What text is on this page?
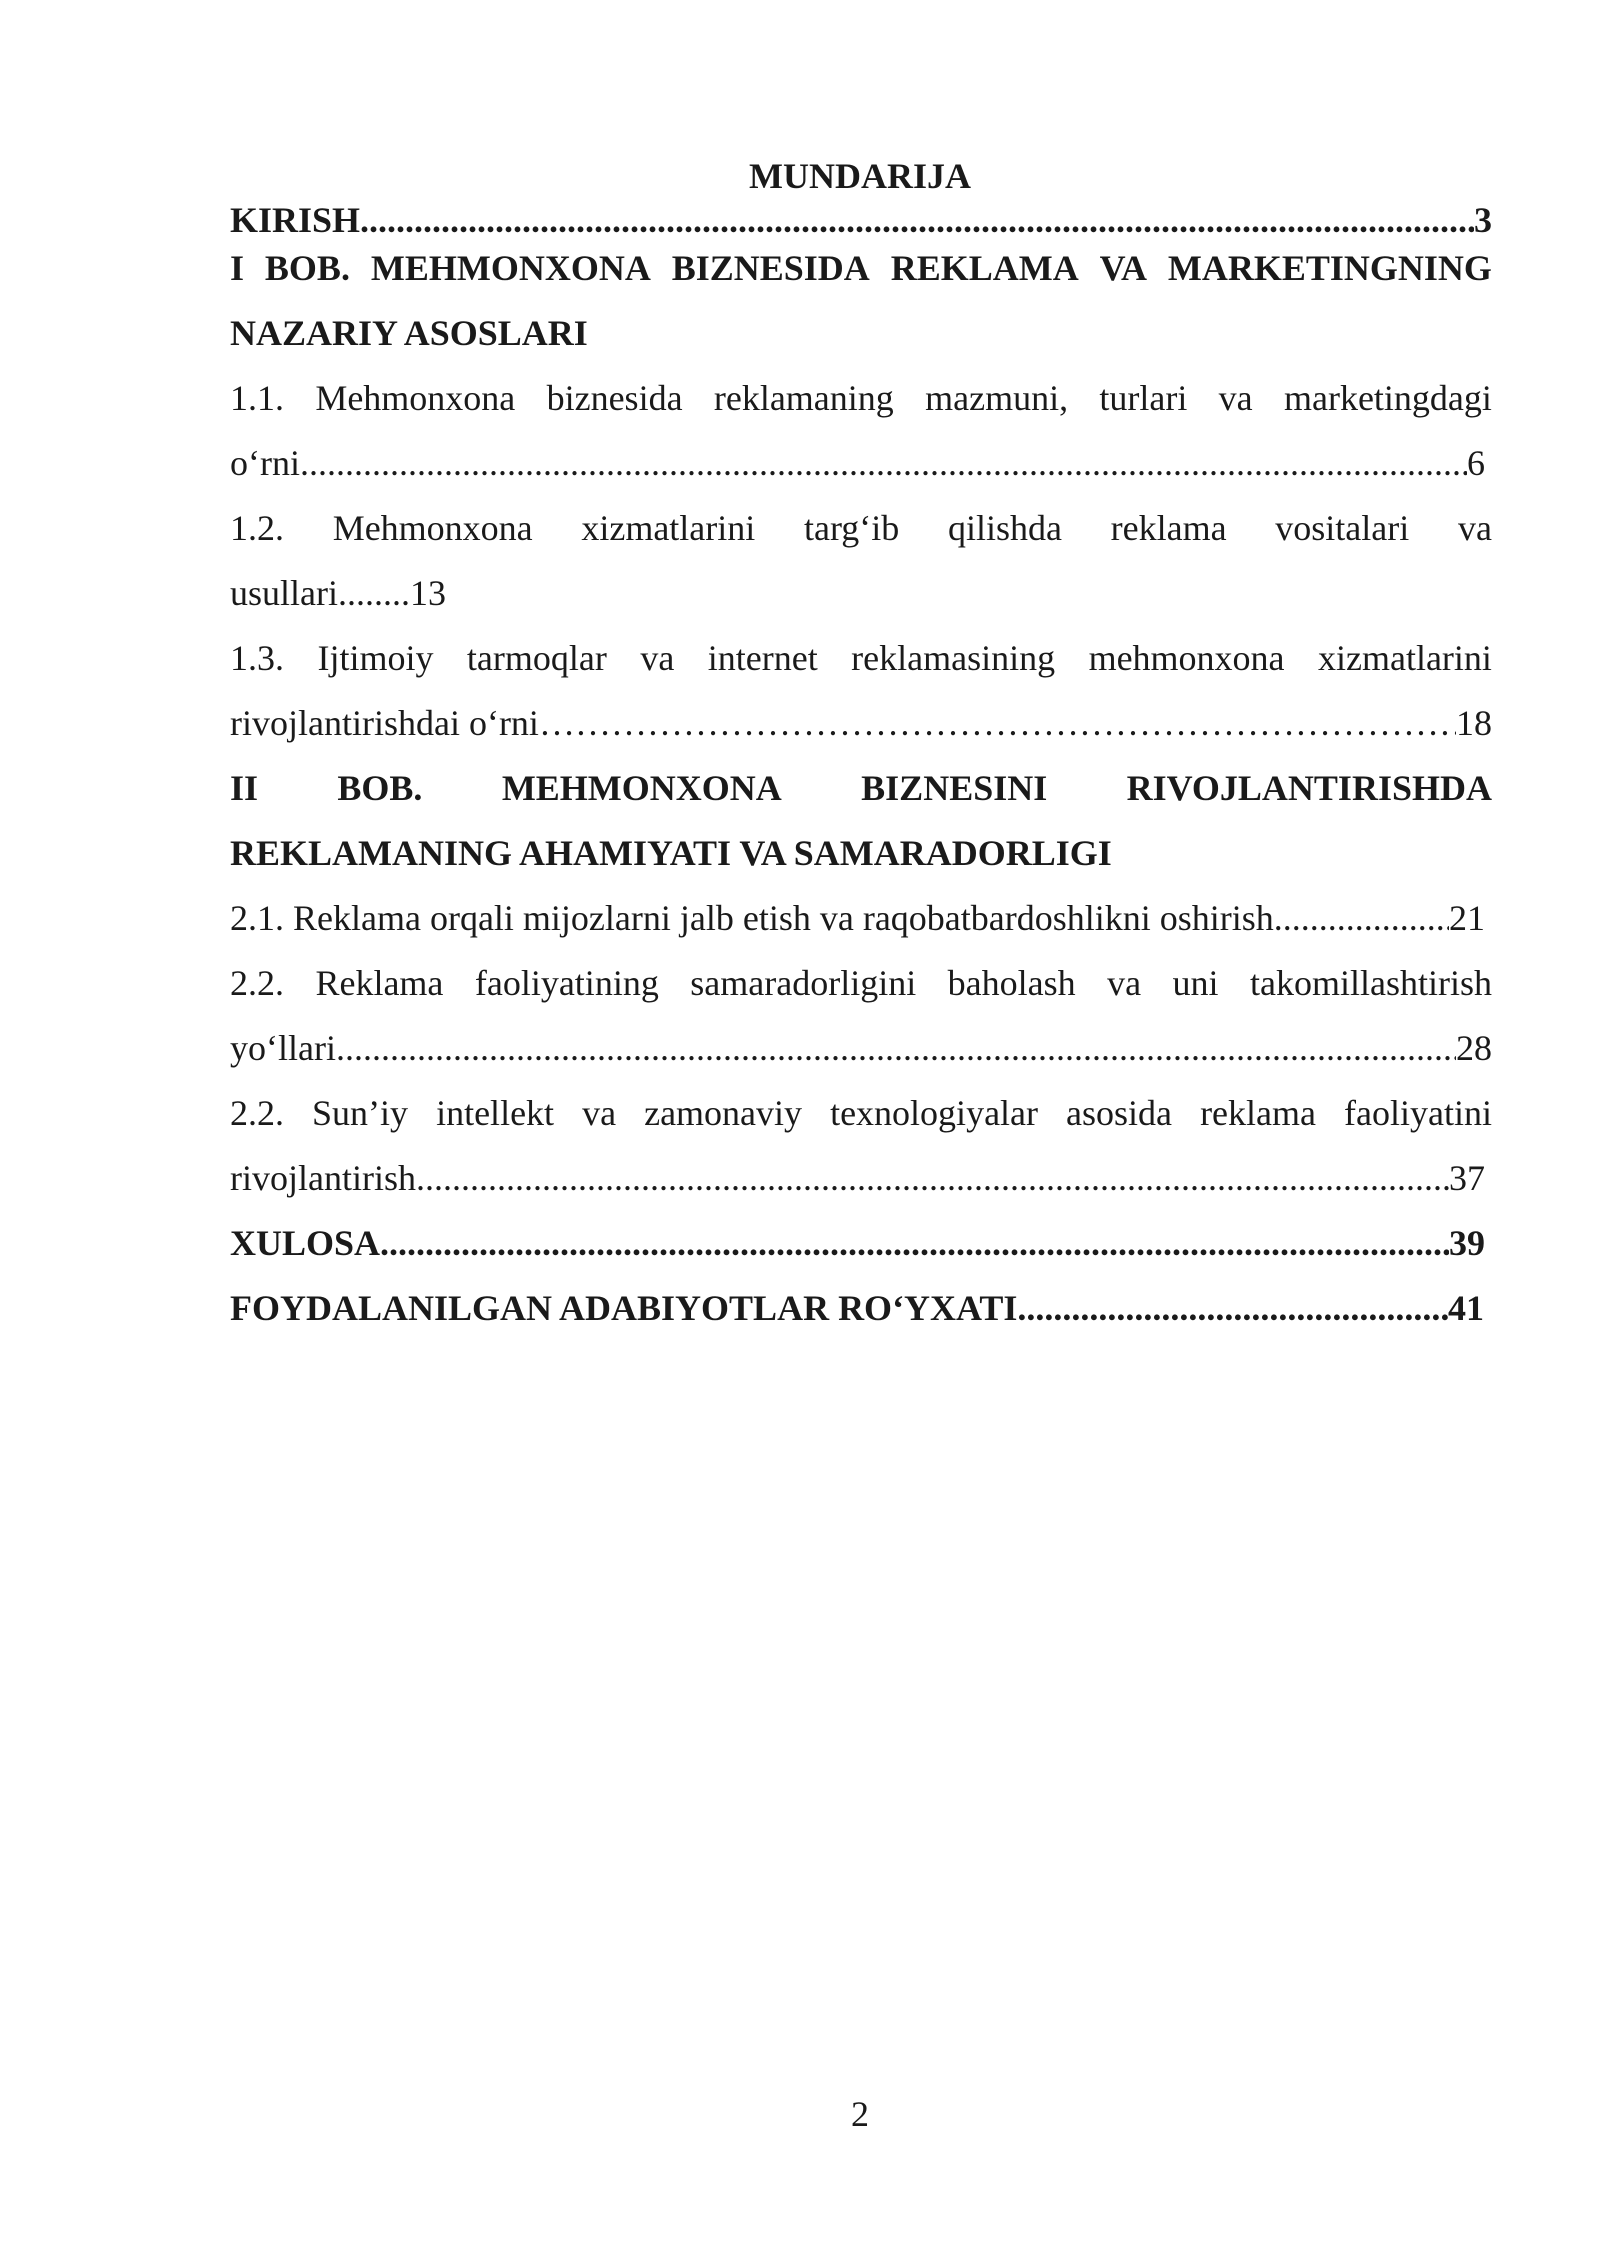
MUNDARIJA
KIRISH .....	3
I BOB. MEHMONXONA BIZNESIDA REKLAMA VA MARKETINGNING
NAZARIY ASOSLARI
1.1. Mehmonxona biznesida reklamaning mazmuni, turlari va marketingdagi
o‘rni .....	6
1.2. Mehmonxona xizmatlarini targ‘ib qilishda reklama vositalari va
usullari........13
1.3. Ijtimoiy tarmoqlar va internet reklamasining mehmonxona xizmatlarini
rivojlantirishdai o‘rni ………………………………………………………………………………………………………………………………………………………………	18
II BOB. MEHMONXONA BIZNESINI RIVOJLANTIRISHDA
REKLAMANING AHAMIYATI VA SAMARADORLIGI
2.1. Reklama orqali mijozlarni jalb etish va raqobatbardoshlikni oshirish .....	21
2.2. Reklama faoliyatining samaradorligini baholash va uni takomillashtirish
yo‘llari .....	28
2.2. Sun’iy intellekt va zamonaviy texnologiyalar asosida reklama faoliyatini
rivojlantirish .....	37
XULOSA .....	39
FOYDALANILGAN ADABIYOTLAR RO‘YXATI .....	41
2
